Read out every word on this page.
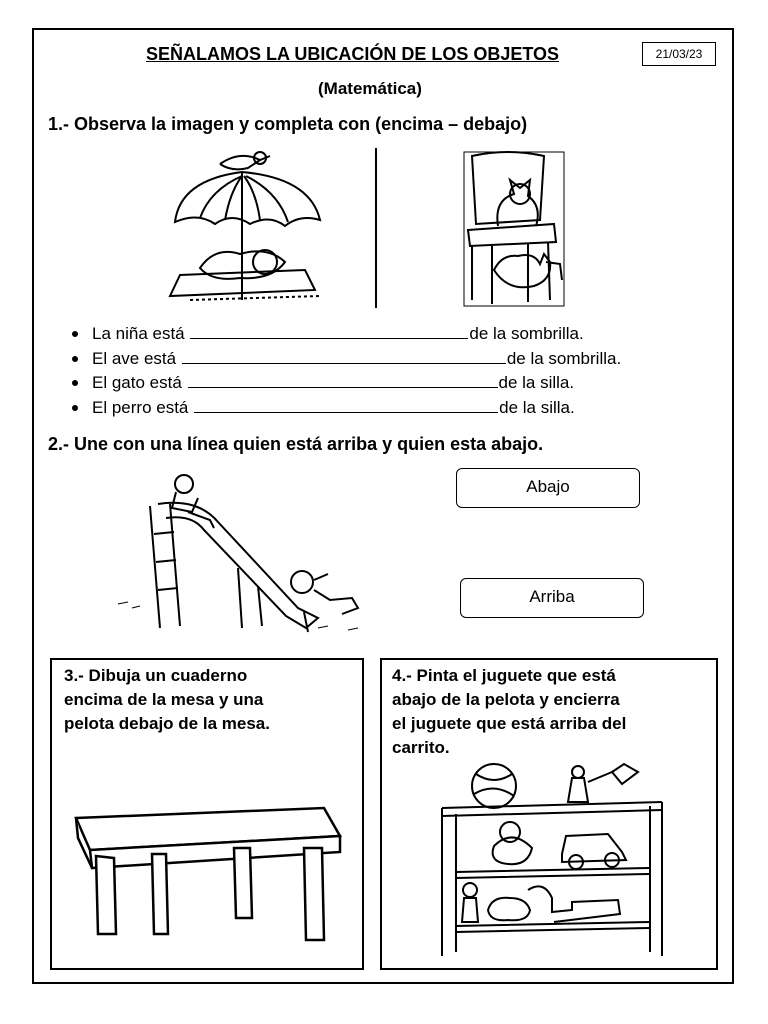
SEÑALAMOS LA UBICACIÓN DE LOS OBJETOS	21/03/23
(Matemática)
1.- Observa la imagen y completa con (encima – debajo)
La niña está	de la sombrilla.
El ave está	de la sombrilla.
El gato está	de la silla.
El perro está	de la silla.
2.- Une con una línea quien está arriba y quien esta abajo.
Abajo
Arriba
3.- Dibuja un cuaderno
encima de la mesa y una
pelota debajo de la mesa.
4.- Pinta el juguete que está
abajo de la pelota y encierra
el juguete que está arriba del
carrito.
